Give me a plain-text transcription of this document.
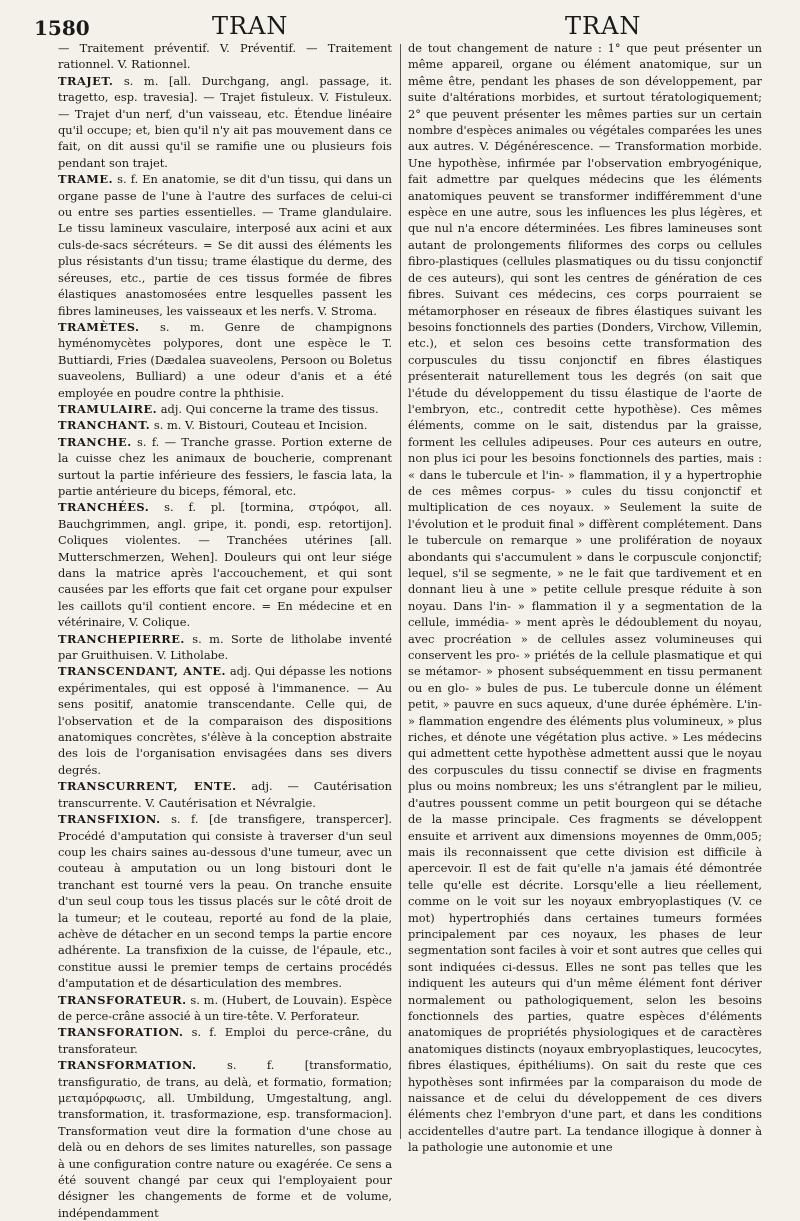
1580	TRAN	TRAN

— Traitement préventif. V. Préventif. — Traitement rationnel. V. Rationnel.

TRAJET. s. m. [all. Durchgang, angl. passage, it. tragetto, esp. travesia]. — Trajet fistuleux. V. Fistuleux. — Trajet d'un nerf, d'un vaisseau, etc. Étendue linéaire qu'il occupe; et, bien qu'il n'y ait pas mouvement dans ce fait, on dit aussi qu'il se ramifie une ou plusieurs fois pendant son trajet.

TRAME. s. f. En anatomie, se dit d'un tissu, qui dans un organe passe de l'une à l'autre des surfaces de celui-ci ou entre ses parties essentielles. — Trame glandulaire. Le tissu lamineux vasculaire, interposé aux acini et aux culs-de-sacs sécréteurs. = Se dit aussi des éléments les plus résistants d'un tissu; trame élastique du derme, des séreuses, etc., partie de ces tissus formée de fibres élastiques anastomosées entre lesquelles passent les fibres lamineuses, les vaisseaux et les nerfs. V. Stroma.

TRAMÈTES. s. m. Genre de champignons hyménomycètes polypores, dont une espèce le T. Buttiardi, Fries (Dædalea suaveolens, Persoon ou Boletus suaveolens, Bulliard) a une odeur d'anis et a été employée en poudre contre la phthisie.

TRAMULAIRE. adj. Qui concerne la trame des tissus.

TRANCHANT. s. m. V. Bistouri, Couteau et Incision.

TRANCHE. s. f. — Tranche grasse. Portion externe de la cuisse chez les animaux de boucherie, comprenant surtout la partie inférieure des fessiers, le fascia lata, la partie antérieure du biceps, fémoral, etc.

TRANCHÉES. s. f. pl. [tormina, στρόφοι, all. Bauchgrimmen, angl. gripe, it. pondi, esp. retortijon]. Coliques violentes. — Tranchées utérines [all. Mutterschmerzen, Wehen]. Douleurs qui ont leur siége dans la matrice après l'accouchement, et qui sont causées par les efforts que fait cet organe pour expulser les caillots qu'il contient encore. = En médecine et en vétérinaire, V. Colique.

TRANCHEPIERRE. s. m. Sorte de litholabe inventé par Gruithuisen. V. Litholabe.

TRANSCENDANT, ANTE. adj. Qui dépasse les notions expérimentales, qui est opposé à l'immanence. — Au sens positif, anatomie transcendante. Celle qui, de l'observation et de la comparaison des dispositions anatomiques concrètes, s'élève à la conception abstraite des lois de l'organisation envisagées dans ses divers degrés.

TRANSCURRENT, ENTE. adj. — Cautérisation transcurrente. V. Cautérisation et Névralgie.

TRANSFIXION. s. f. [de transfigere, transpercer]. Procédé d'amputation qui consiste à traverser d'un seul coup les chairs saines au-dessous d'une tumeur, avec un couteau à amputation ou un long bistouri dont le tranchant est tourné vers la peau. On tranche ensuite d'un seul coup tous les tissus placés sur le côté droit de la tumeur; et le couteau, reporté au fond de la plaie, achève de détacher en un second temps la partie encore adhérente. La transfixion de la cuisse, de l'épaule, etc., constitue aussi le premier temps de certains procédés d'amputation et de désarticulation des membres.

TRANSFORATEUR. s. m. (Hubert, de Louvain). Espèce de perce-crâne associé à un tire-tête. V. Perforateur.

TRANSFORATION. s. f. Emploi du perce-crâne, du transforateur.

TRANSFORMATION. s. f. [transformatio, transfiguratio, de trans, au delà, et formatio, formation; μεταμόρφωσις, all. Umbildung, Umgestaltung, angl. transformation, it. trasformazione, esp. transformacion]. Transformation veut dire la formation d'une chose au delà ou en dehors de ses limites naturelles, son passage à une configuration contre nature ou exagérée. Ce sens a été souvent changé par ceux qui l'employaient pour désigner les changements de forme et de volume, indépendamment

de tout changement de nature : 1° que peut présenter un même appareil, organe ou élément anatomique, sur un même être, pendant les phases de son développement, par suite d'altérations morbides, et surtout tératologiquement; 2° que peuvent présenter les mêmes parties sur un certain nombre d'espèces animales ou végétales comparées les unes aux autres. V. Dégénérescence. — Transformation morbide. Une hypothèse, infirmée par l'observation embryogénique, fait admettre par quelques médecins que les éléments anatomiques peuvent se transformer indifféremment d'une espèce en une autre, sous les influences les plus légères, et que nul n'a encore déterminées. Les fibres lamineuses sont autant de prolongements filiformes des corps ou cellules fibro-plastiques (cellules plasmatiques ou du tissu conjonctif de ces auteurs), qui sont les centres de génération de ces fibres. Suivant ces médecins, ces corps pourraient se métamorphoser en réseaux de fibres élastiques suivant les besoins fonctionnels des parties (Donders, Virchow, Villemin, etc.), et selon ces besoins cette transformation des corpuscules du tissu conjonctif en fibres élastiques présenterait naturellement tous les degrés (on sait que l'étude du développement du tissu élastique de l'aorte de l'embryon, etc., contredit cette hypothèse). Ces mêmes éléments, comme on le sait, distendus par la graisse, forment les cellules adipeuses. Pour ces auteurs en outre, non plus ici pour les besoins fonctionnels des parties, mais : « dans le tubercule et l'in- » flammation, il y a hypertrophie de ces mêmes corpus- » cules du tissu conjonctif et multiplication de ces noyaux. » Seulement la suite de l'évolution et le produit final » diffèrent complétement. Dans le tubercule on remarque » une prolifération de noyaux abondants qui s'accumulent » dans le corpuscule conjonctif; lequel, s'il se segmente, » ne le fait que tardivement et en donnant lieu à une » petite cellule presque réduite à son noyau. Dans l'in- » flammation il y a segmentation de la cellule, immédia- » ment après le dédoublement du noyau, avec procréation » de cellules assez volumineuses qui conservent les pro- » priétés de la cellule plasmatique et qui se métamor- » phosent subséquemment en tissu permanent ou en glo- » bules de pus. Le tubercule donne un élément petit, » pauvre en sucs aqueux, d'une durée éphémère. L'in- » flammation engendre des éléments plus volumineux, » plus riches, et dénote une végétation plus active. » Les médecins qui admettent cette hypothèse admettent aussi que le noyau des corpuscules du tissu connectif se divise en fragments plus ou moins nombreux; les uns s'étranglent par le milieu, d'autres poussent comme un petit bourgeon qui se détache de la masse principale. Ces fragments se développent ensuite et arrivent aux dimensions moyennes de 0mm,005; mais ils reconnaissent que cette division est difficile à apercevoir. Il est de fait qu'elle n'a jamais été démontrée telle qu'elle est décrite. Lorsqu'elle a lieu réellement, comme on le voit sur les noyaux embryoplastiques (V. ce mot) hypertrophiés dans certaines tumeurs formées principalement par ces noyaux, les phases de leur segmentation sont faciles à voir et sont autres que celles qui sont indiquées ci-dessus. Elles ne sont pas telles que les indiquent les auteurs qui d'un même élément font dériver normalement ou pathologiquement, selon les besoins fonctionnels des parties, quatre espèces d'éléments anatomiques de propriétés physiologiques et de caractères anatomiques distincts (noyaux embryoplastiques, leucocytes, fibres élastiques, épithéliums). On sait du reste que ces hypothèses sont infirmées par la comparaison du mode de naissance et de celui du développement de ces divers éléments chez l'embryon d'une part, et dans les conditions accidentelles d'autre part. La tendance illogique à donner à la pathologie une autonomie et une
